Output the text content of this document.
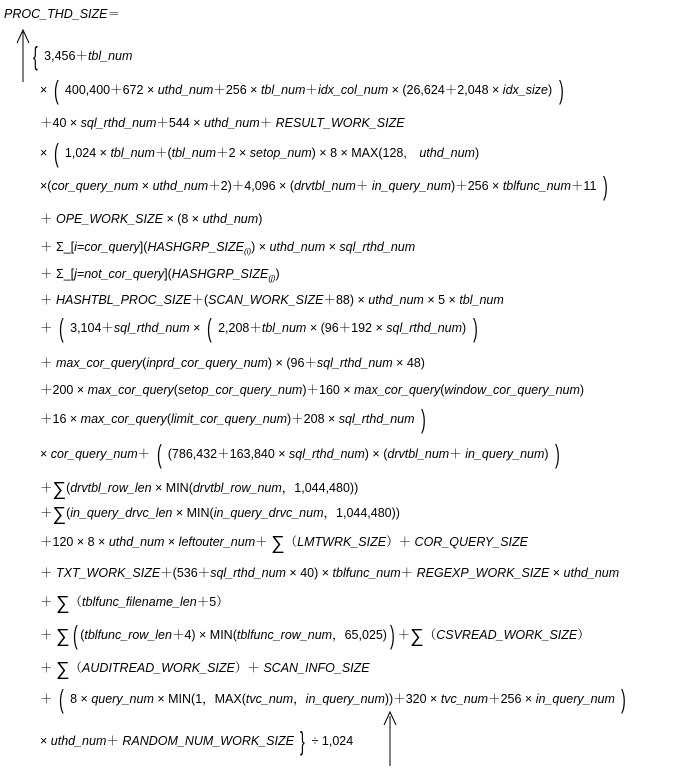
PROC_THD_SIZE＝
{ 3,456＋tbl_num
× ( 400,400＋672 × uthd_num＋256 × tbl_num＋idx_col_num × (26,624＋2,048 × idx_size) )
＋40 × sql_rthd_num＋544 × uthd_num＋ RESULT_WORK_SIZE
× ( 1,024 × tbl_num＋(tbl_num＋2 × setop_num) × 8 × MAX(128,　uthd_num)
×(cor_query_num × uthd_num＋2)＋4,096 × (drvtbl_num＋ in_query_num)＋256 × tblfunc_num＋11 )
＋ OPE_WORK_SIZE × (8 × uthd_num)
＋ $\Sigma\_[i=cor\_query](HASHGRP\_SIZE_{(i)})$ × uthd_num × sql_rthd_num
＋ $\Sigma\_[j=not\_cor\_query](HASHGRP\_SIZE_{(j)})$
＋ HASHTBL_PROC_SIZE＋(SCAN_WORK_SIZE＋88) × uthd_num × 5 × tbl_num
＋ ( 3,104＋sql_rthd_num × ( 2,208＋tbl_num × (96＋192 × sql_rthd_num) )
＋ max_cor_query(inprd_cor_query_num) × (96＋sql_rthd_num × 48)
＋200 × max_cor_query(setop_cor_query_num)＋160 × max_cor_query(window_cor_query_num)
＋16 × max_cor_query(limit_cor_query_num)＋208 × sql_rthd_num )
× cor_query_num＋ ( (786,432＋163,840 × sql_rthd_num) × (drvtbl_num＋ in_query_num) )
＋∑(drvtbl_row_len × MIN(drvtbl_row_num，1,044,480))
＋∑(in_query_drvc_len × MIN(in_query_drvc_num，1,044,480))
＋120 × 8 × uthd_num × leftouter_num＋ ∑（LMTWRK_SIZE）＋ COR_QUERY_SIZE
＋ TXT_WORK_SIZE＋(536＋sql_rthd_num × 40) × tblfunc_num＋ REGEXP_WORK_SIZE × uthd_num
＋ ∑（tblfunc_filename_len＋5）
＋ ∑ ( (tblfunc_row_len＋4) × MIN(tblfunc_row_num，65,025) ) ＋∑（CSVREAD_WORK_SIZE）
＋ ∑（AUDITREAD_WORK_SIZE）＋ SCAN_INFO_SIZE
＋ ( 8 × query_num × MIN(1，MAX(tvc_num，in_query_num))＋320 × tvc_num＋256 × in_query_num )
× uthd_num＋ RANDOM_NUM_WORK_SIZE } ÷ 1,024
